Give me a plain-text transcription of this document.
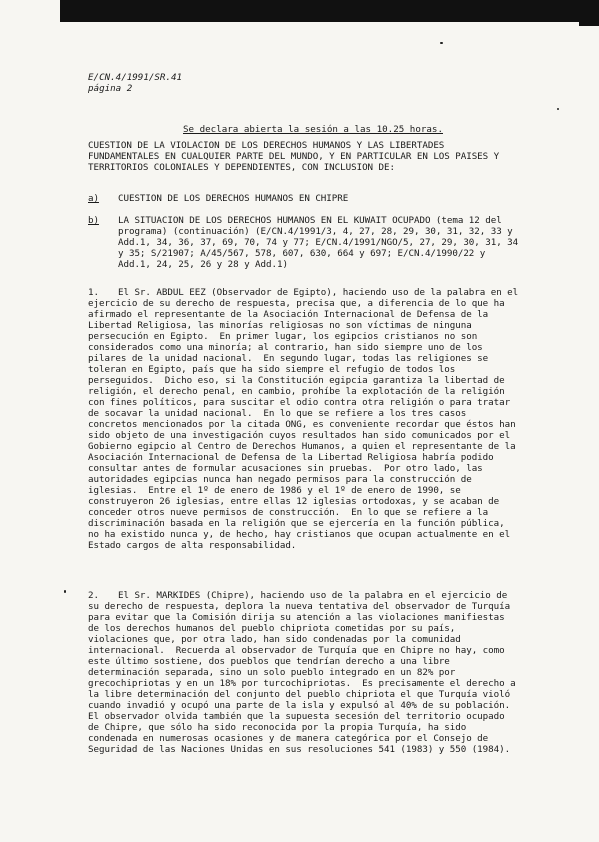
E/CN.4/1991/SR.41
página 2
Se declara abierta la sesión a las 10.25 horas.
CUESTION DE LA VIOLACION DE LOS DERECHOS HUMANOS Y LAS LIBERTADES
FUNDAMENTALES EN CUALQUIER PARTE DEL MUNDO, Y EN PARTICULAR EN LOS PAISES Y
TERRITORIOS COLONIALES Y DEPENDIENTES, CON INCLUSION DE:
a) CUESTION DE LOS DERECHOS HUMANOS EN CHIPRE
b) LA SITUACION DE LOS DERECHOS HUMANOS EN EL KUWAIT OCUPADO (tema 12 del
programa) (continuación) (E/CN.4/1991/3, 4, 27, 28, 29, 30, 31, 32, 33 y
Add.1, 34, 36, 37, 69, 70, 74 y 77; E/CN.4/1991/NGO/5, 27, 29, 30, 31, 34
y 35; S/21907; A/45/567, 578, 607, 630, 664 y 697; E/CN.4/1990/22 y
Add.1, 24, 25, 26 y 28 y Add.1)
1. El Sr. ABDUL EEZ (Observador de Egipto), haciendo uso de la palabra en el
ejercicio de su derecho de respuesta, precisa que, a diferencia de lo que ha
afirmado el representante de la Asociación Internacional de Defensa de la
Libertad Religiosa, las minorías religiosas no son víctimas de ninguna
persecución en Egipto.  En primer lugar, los egipcios cristianos no son
considerados como una minoría; al contrario, han sido siempre uno de los
pilares de la unidad nacional.  En segundo lugar, todas las religiones se
toleran en Egipto, país que ha sido siempre el refugio de todos los
perseguidos.  Dicho eso, si la Constitución egipcia garantiza la libertad de
religión, el derecho penal, en cambio, prohíbe la explotación de la religión
con fines políticos, para suscitar el odio contra otra religión o para tratar
de socavar la unidad nacional.  En lo que se refiere a los tres casos
concretos mencionados por la citada ONG, es conveniente recordar que éstos han
sido objeto de una investigación cuyos resultados han sido comunicados por el
Gobierno egipcio al Centro de Derechos Humanos, a quien el representante de la
Asociación Internacional de Defensa de la Libertad Religiosa habría podido
consultar antes de formular acusaciones sin pruebas.  Por otro lado, las
autoridades egipcias nunca han negado permisos para la construcción de
iglesias.  Entre el 1º de enero de 1986 y el 1º de enero de 1990, se
construyeron 26 iglesias, entre ellas 12 iglesias ortodoxas, y se acaban de
conceder otros nueve permisos de construcción.  En lo que se refiere a la
discriminación basada en la religión que se ejercería en la función pública,
no ha existido nunca y, de hecho, hay cristianos que ocupan actualmente en el
Estado cargos de alta responsabilidad.
2. El Sr. MARKIDES (Chipre), haciendo uso de la palabra en el ejercicio de
su derecho de respuesta, deplora la nueva tentativa del observador de Turquía
para evitar que la Comisión dirija su atención a las violaciones manifiestas
de los derechos humanos del pueblo chipriota cometidas por su país,
violaciones que, por otra lado, han sido condenadas por la comunidad
internacional.  Recuerda al observador de Turquía que en Chipre no hay, como
este último sostiene, dos pueblos que tendrían derecho a una libre
determinación separada, sino un solo pueblo integrado en un 82% por
grecochipriotas y en un 18% por turcochipriotas.  Es precisamente el derecho a
la libre determinación del conjunto del pueblo chipriota el que Turquía violó
cuando invadió y ocupó una parte de la isla y expulsó al 40% de su población.
El observador olvida también que la supuesta secesión del territorio ocupado
de Chipre, que sólo ha sido reconocida por la propia Turquía, ha sido
condenada en numerosas ocasiones y de manera categórica por el Consejo de
Seguridad de las Naciones Unidas en sus resoluciones 541 (1983) y 550 (1984).
